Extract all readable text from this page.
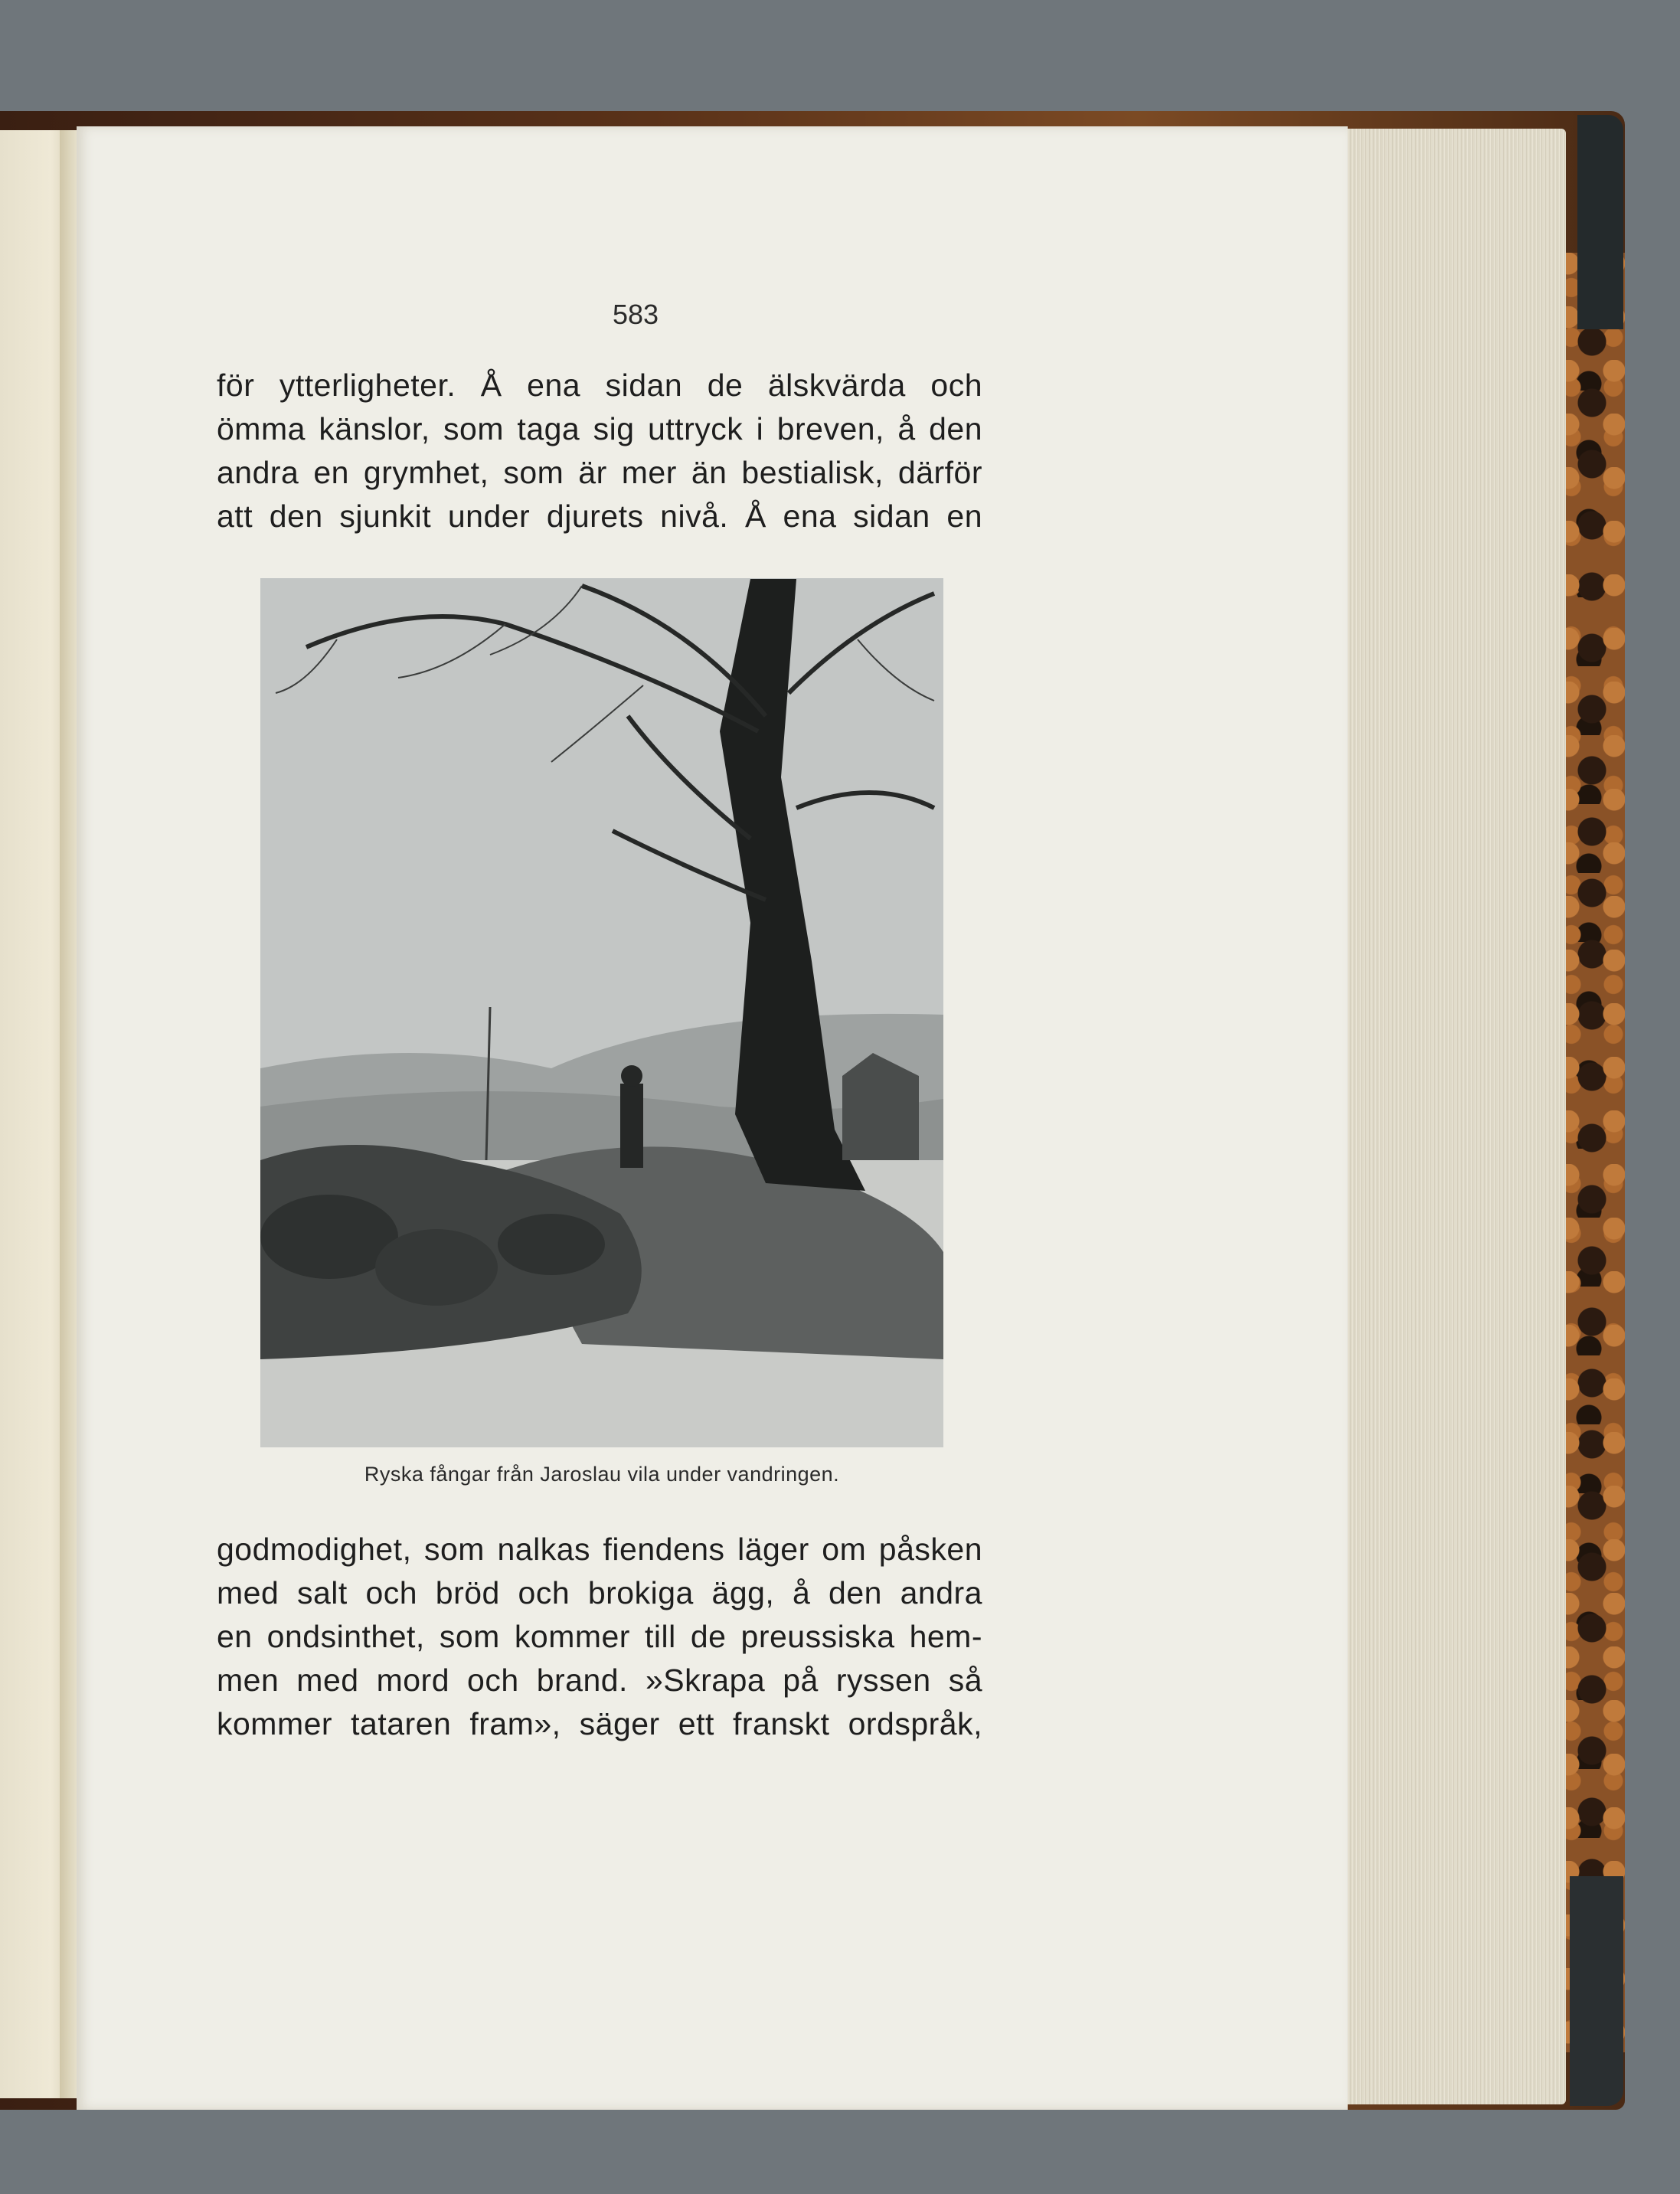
583
för ytterligheter. Å ena sidan de älskvärda och
ömma känslor, som taga sig uttryck i breven, å den
andra en grymhet, som är mer än bestialisk, därför
att den sjunkit under djurets nivå. Å ena sidan en
Ryska fångar från Jaroslau vila under vandringen.
godmodighet, som nalkas fiendens läger om påsken
med salt och bröd och brokiga ägg, å den andra
en ondsinthet, som kommer till de preussiska hem-
men med mord och brand. »Skrapa på ryssen så
kommer tataren fram», säger ett franskt ordspråk,
